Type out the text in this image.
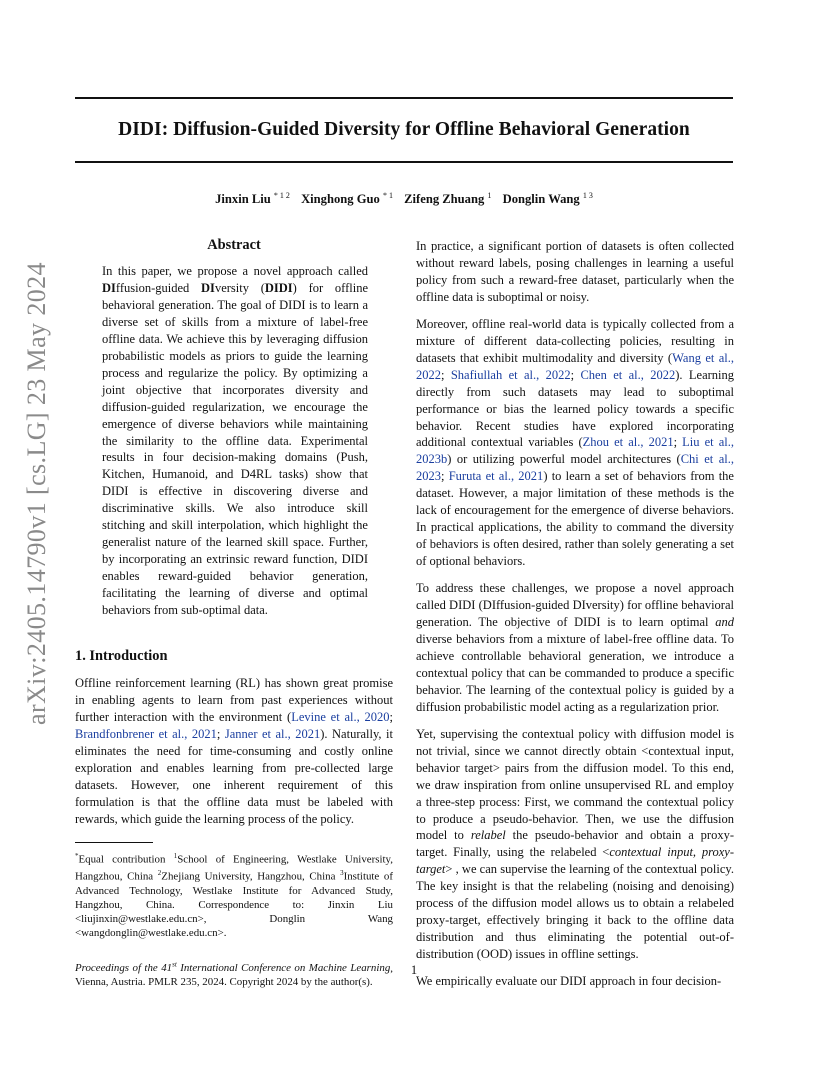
DIDI: Diffusion-Guided Diversity for Offline Behavioral Generation
Jinxin Liu $^{* 1 2}$ Xinghong Guo $^{* 1}$ Zifeng Zhuang $^1$ Donglin Wang $^{1 3}$
arXiv:2405.14790v1 [cs.LG] 23 May 2024
Abstract

In this paper, we propose a novel approach called DIffusion-guided DIversity (DIDI) for offline behavioral generation. The goal of DIDI is to learn a diverse set of skills from a mixture of label-free offline data. We achieve this by leveraging diffusion probabilistic models as priors to guide the learning process and regularize the policy. By optimizing a joint objective that incorporates diversity and diffusion-guided regularization, we encourage the emergence of diverse behaviors while maintaining the similarity to the offline data. Experimental results in four decision-making domains (Push, Kitchen, Humanoid, and D4RL tasks) show that DIDI is effective in discovering diverse and discriminative skills. We also introduce skill stitching and skill interpolation, which highlight the generalist nature of the learned skill space. Further, by incorporating an extrinsic reward function, DIDI enables reward-guided behavior generation, facilitating the learning of diverse and optimal behaviors from sub-optimal data.

1. Introduction

Offline reinforcement learning (RL) has shown great promise in enabling agents to learn from past experiences without further interaction with the environment (Levine et al., 2020; Brandfonbrener et al., 2021; Janner et al., 2021). Naturally, it eliminates the need for time-consuming and costly online exploration and enables learning from pre-collected large datasets. However, one inherent requirement of this formulation is that the offline data must be labeled with rewards, which guide the learning process of the policy.

*Equal contribution $^1$School of Engineering, Westlake University, Hangzhou, China $^2$Zhejiang University, Hangzhou, China $^3$Institute of Advanced Technology, Westlake Institute for Advanced Study, Hangzhou, China. Correspondence to: Jinxin Liu <liujinxin@westlake.edu.cn>, Donglin Wang <wangdonglin@westlake.edu.cn>.

Proceedings of the 41st International Conference on Machine Learning, Vienna, Austria. PMLR 235, 2024. Copyright 2024 by the author(s).

In practice, a significant portion of datasets is often collected without reward labels, posing challenges in learning a useful policy from such a reward-free dataset, particularly when the offline data is suboptimal or noisy.

Moreover, offline real-world data is typically collected from a mixture of different data-collecting policies, resulting in datasets that exhibit multimodality and diversity (Wang et al., 2022; Shafiullah et al., 2022; Chen et al., 2022). Learning directly from such datasets may lead to suboptimal performance or bias the learned policy towards a specific behavior. Recent studies have explored incorporating additional contextual variables (Zhou et al., 2021; Liu et al., 2023b) or utilizing powerful model architectures (Chi et al., 2023; Furuta et al., 2021) to learn a set of behaviors from the dataset. However, a major limitation of these methods is the lack of encouragement for the emergence of diverse behaviors. In practical applications, the ability to command the diversity of behaviors is often desired, rather than solely generating a set of optional behaviors.

To address these challenges, we propose a novel approach called DIDI (DIffusion-guided DIversity) for offline behavioral generation. The objective of DIDI is to learn optimal and diverse behaviors from a mixture of label-free offline data. To achieve controllable behavioral generation, we introduce a contextual policy that can be commanded to produce a specific behavior. The learning of the contextual policy is guided by a diffusion probabilistic model acting as a regularization prior.

Yet, supervising the contextual policy with diffusion model is not trivial, since we cannot directly obtain <contextual input, behavior target> pairs from the diffusion model. To this end, we draw inspiration from online unsupervised RL and employ a three-step process: First, we command the contextual policy to produce a pseudo-behavior. Then, we use the diffusion model to relabel the pseudo-behavior and obtain a proxy-target. Finally, using the relabeled <contextual input, proxy-target> , we can supervise the learning of the contextual policy. The key insight is that the relabeling (noising and denoising) process of the diffusion model allows us to obtain a relabeled proxy-target, effectively bringing it back to the offline data distribution and thus eliminating the potential out-of-distribution (OOD) issues in offline settings.

We empirically evaluate our DIDI approach in four decision-

1
